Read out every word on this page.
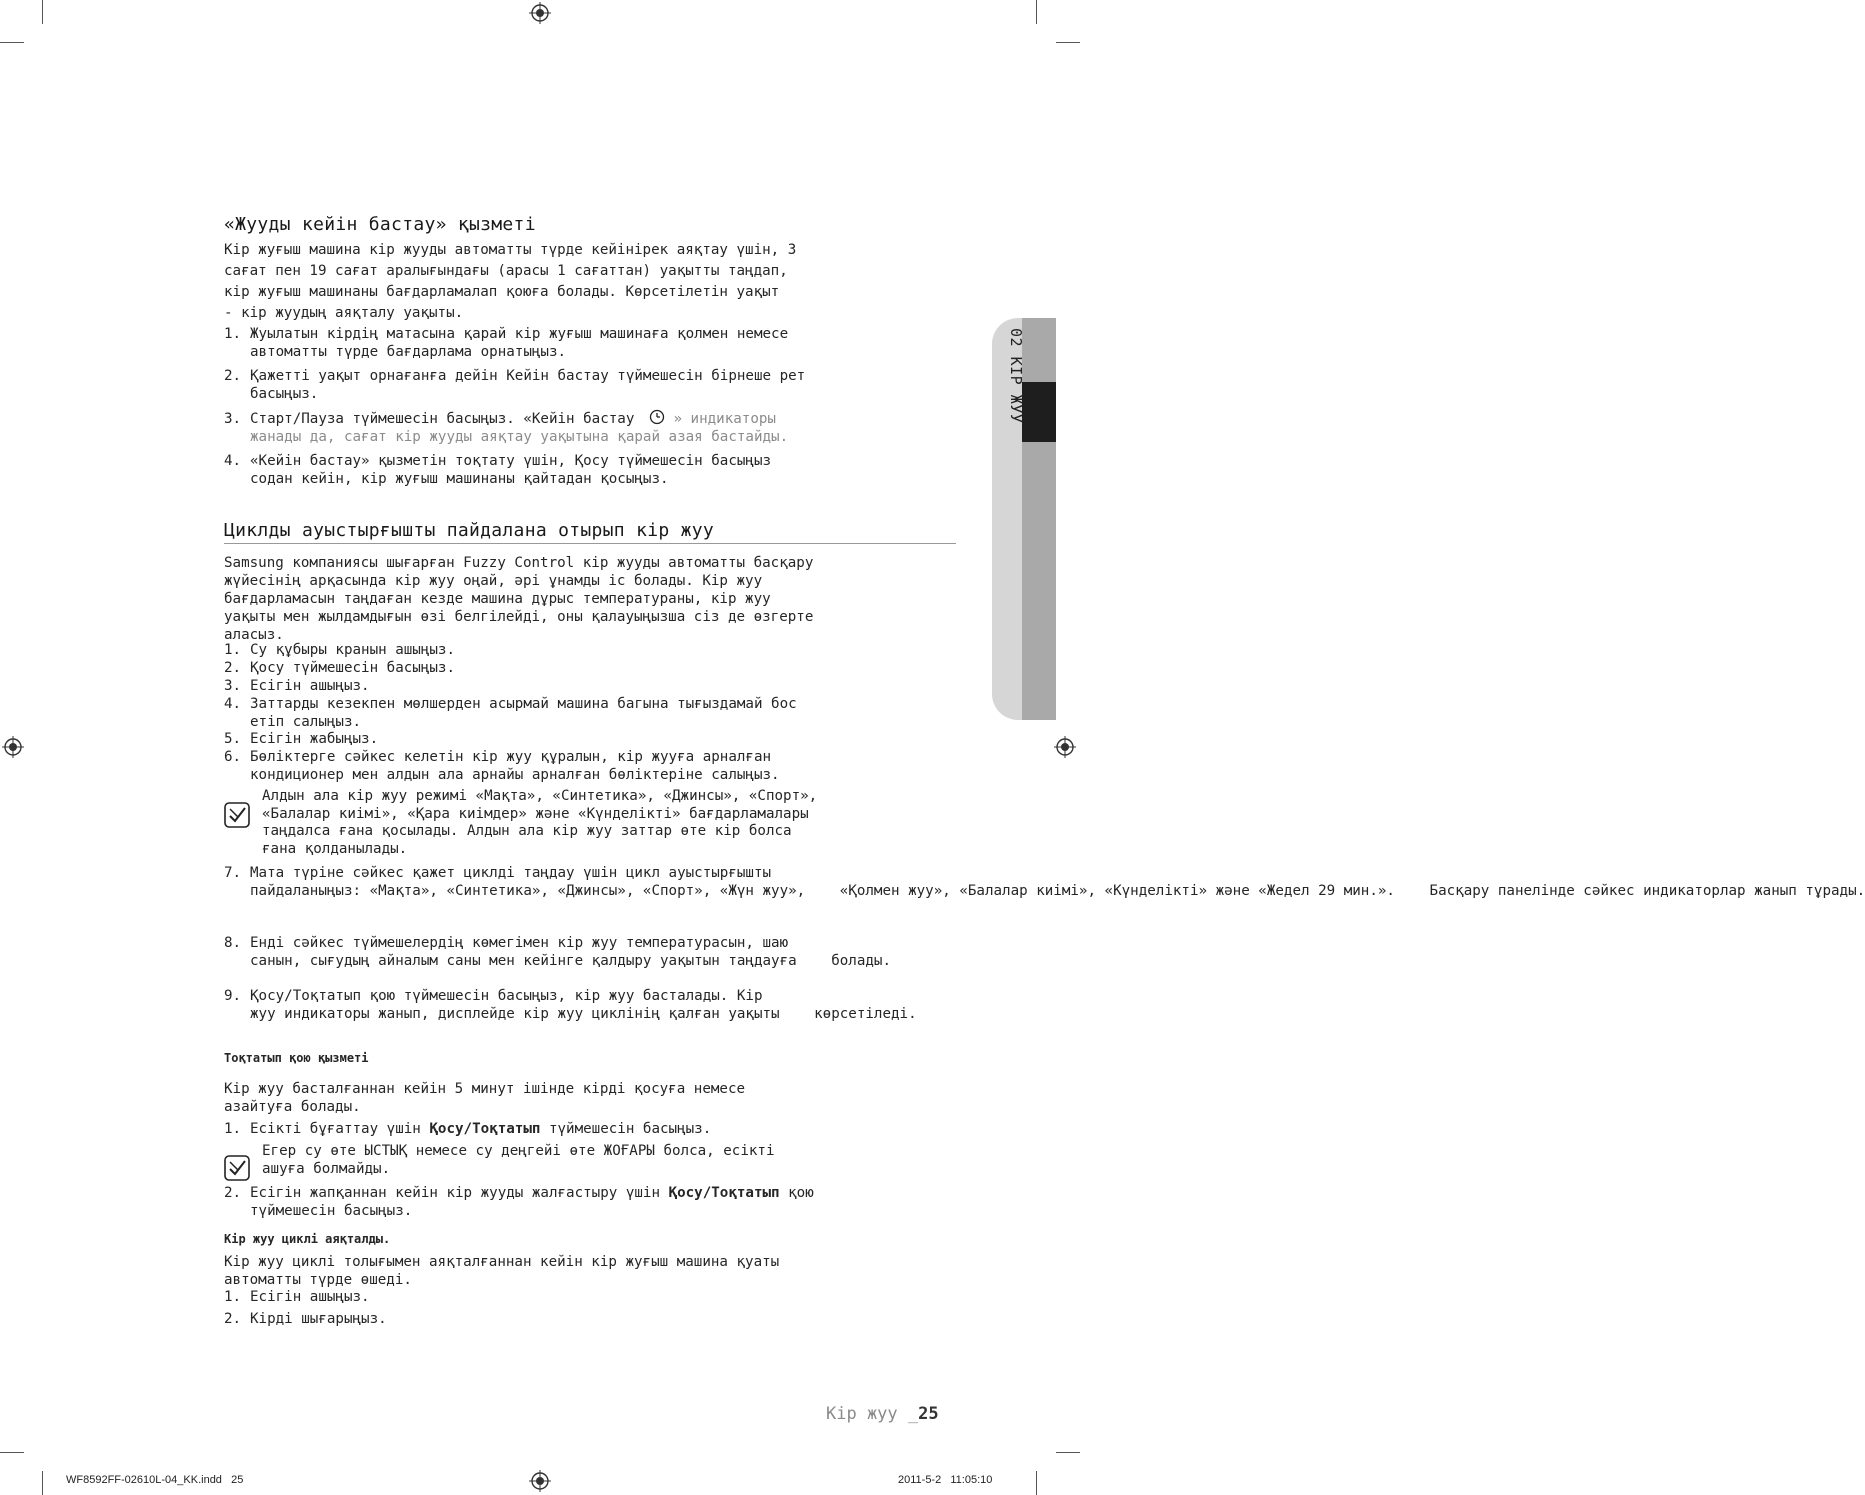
02 КІР ЖУУ
«Жууды кейін бастау» қызметі
Кір жуғыш машина кір жууды автоматты түрде кейінірек аяқтау үшін, 3
сағат пен 19 сағат аралығындағы (арасы 1 сағаттан) уақытты таңдап,
кір жуғыш машинаны бағдарламалап қоюға болады. Көрсетілетін уақыт
- кір жуудың аяқталу уақыты.
1. Жуылатын кірдің матасына қарай кір жуғыш машинаға қолмен немесе
автоматты түрде бағдарлама орнатыңыз.
2. Қажетті уақыт орнағанға дейін Кейін бастау түймешесін бірнеше рет
басыңыз.
3. Старт/Пауза түймешесін басыңыз. «Кейін бастау  » индикаторы
жанады да, сағат кір жууды аяқтау уақытына қарай азая бастайды.
4. «Кейін бастау» қызметін тоқтату үшін, Қосу түймешесін басыңыз
содан кейін, кір жуғыш машинаны қайтадан қосыңыз.
Циклды ауыстырғышты пайдалана отырып кір жуу
Samsung компаниясы шығарған Fuzzy Control кір жууды автоматты басқару
жүйесінің арқасында кір жуу оңай, әрі ұнамды іс болады. Кір жуу
бағдарламасын таңдаған кезде машина дұрыс температураны, кір жуу
уақыты мен жылдамдығын өзі белгілейді, оны қалауыңызша сіз де өзгерте
аласыз.
1. Су құбыры кранын ашыңыз.
2. Қосу түймешесін басыңыз.
3. Есігін ашыңыз.
4. Заттарды кезекпен мөлшерден асырмай машина багына тығыздамай бос
етіп салыңыз.
5. Есігін жабыңыз.
6. Бөліктерге сәйкес келетін кір жуу құралын, кір жууға арналған
кондиционер мен алдын ала арнайы арналған бөліктеріне салыңыз.
Алдын ала кір жуу режимі «Мақта», «Синтетика», «Джинсы», «Спорт»,
«Балалар киімі», «Қара киімдер» және «Күнделікті» бағдарламалары
таңдалса ғана қосылады. Алдын ала кір жуу заттар өте кір болса
ғана қолданылады.
7. Мата түріне сәйкес қажет циклді таңдау үшін цикл ауыстырғышты
пайдаланыңыз: «Мақта», «Синтетика», «Джинсы», «Спорт», «Жүн жуу», «Қолмен жуу», «Балалар киімі», «Күнделікті» және «Жедел 29 мин.». Басқару панелінде сәйкес индикаторлар жанып тұрады.
8. Енді сәйкес түймешелердің көмегімен кір жуу температурасын, шаю
санын, сығудың айналым саны мен кейінге қалдыру уақытын таңдауға болады.
9. Қосу/Тоқтатып қою түймешесін басыңыз, кір жуу басталады. Кір
жуу индикаторы жанып, дисплейде кір жуу циклінің қалған уақыты көрсетіледі.
Тоқтатып қою қызметі
Кір жуу басталғаннан кейін 5 минут ішінде кірді қосуға немесе
азайтуға болады.
1. Есікті бұғаттау үшін Қосу/Тоқтатып түймешесін басыңыз.
Егер су өте ЫСТЫҚ немесе су деңгейі өте ЖОҒАРЫ болса, есікті
ашуға болмайды.
2. Есігін жапқаннан кейін кір жууды жалғастыру үшін Қосу/Тоқтатып қою
түймешесін басыңыз.
Кір жуу циклі аяқталды.
Кір жуу циклі толығымен аяқталғаннан кейін кір жуғыш машина қуаты
автоматты түрде өшеді.
1. Есігін ашыңыз.
2. Кірді шығарыңыз.
Кір жуу _25
WF8592FF-02610L-04_KK.indd   25	2011-5-2   11:05:10
